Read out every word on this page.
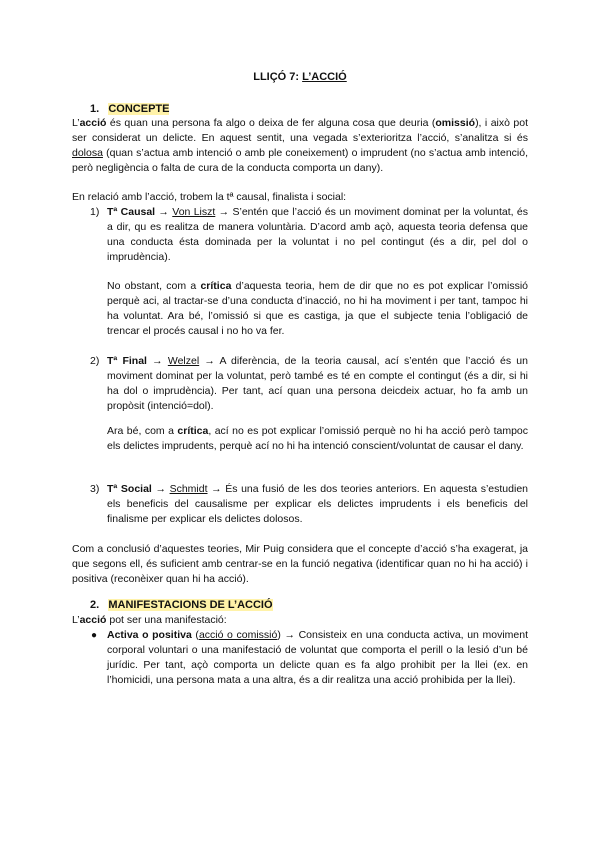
LLIÇÓ 7: L’ACCIÓ
1. CONCEPTE
L’acció és quan una persona fa algo o deixa de fer alguna cosa que deuria (omissió), i això pot ser considerat un delicte. En aquest sentit, una vegada s’exterioritza l’acció, s’analitza si és dolosa (quan s’actua amb intenció o amb ple coneixement) o imprudent (no s’actua amb intenció, però negligència o falta de cura de la conducta comporta un dany).
En relació amb l’acció, trobem la tª causal, finalista i social:
1) Tª Causal → Von Liszt → S’entén que l’acció és un moviment dominat per la voluntat, és a dir, qu es realitza de manera voluntària. D’acord amb açò, aquesta teoria defensa que una conducta ésta dominada per la voluntat i no pel contingut (és a dir, pel dol o imprudència).
No obstant, com a crítica d’aquesta teoria, hem de dir que no es pot explicar l’omissió perquè aci, al tractar-se d’una conducta d’inacció, no hi ha moviment i per tant, tampoc hi ha voluntat. Ara bé, l’omissió si que es castiga, ja que el subjecte tenia l’obligació de trencar el procés causal i no ho va fer.
2) Tª Final → Welzel → A diferència, de la teoria causal, ací s’entén que l’acció és un moviment dominat per la voluntat, però també es té en compte el contingut (és a dir, si hi ha dol o imprudència). Per tant, ací quan una persona deicdeix actuar, ho fa amb un propòsit (intenció=dol).
Ara bé, com a crítica, ací no es pot explicar l’omissió perquè no hi ha acció però tampoc els delictes imprudents, perquè ací no hi ha intenció conscient/voluntat de causar el dany.
3) Tª Social → Schmidt → És una fusió de les dos teories anteriors. En aquesta s’estudien els beneficis del causalisme per explicar els delictes imprudents i els beneficis del finalisme per explicar els delictes dolosos.
Com a conclusió d’aquestes teories, Mir Puig considera que el concepte d’acció s’ha exagerat, ja que segons ell, és suficient amb centrar-se en la funció negativa (identificar quan no hi ha acció) i positiva (reconèixer quan hi ha acció).
2. MANIFESTACIONS DE L’ACCIÓ
L’acció pot ser una manifestació:
● Activa o positiva (acció o comissió) → Consisteix en una conducta activa, un moviment corporal voluntari o una manifestació de voluntat que comporta el perill o la lesió d’un bé jurídic. Per tant, açò comporta un delicte quan es fa algo prohibit per la llei (ex. en l’homicidi, una persona mata a una altra, és a dir realitza una acció prohibida per la llei).
